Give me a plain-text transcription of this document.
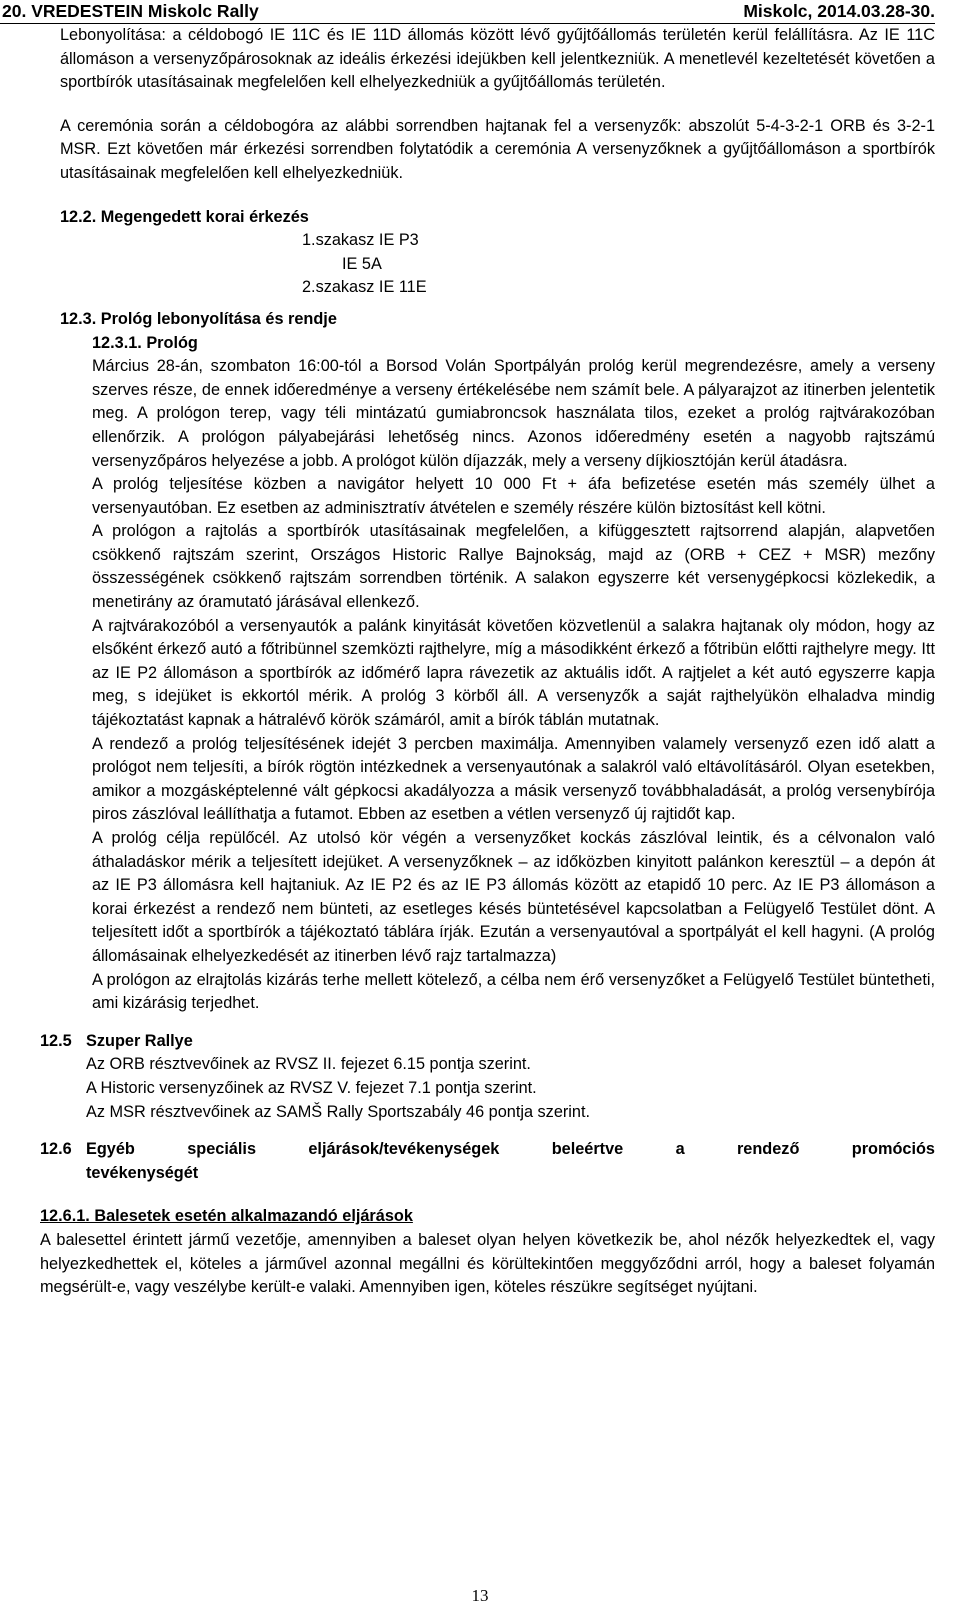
20. VREDESTEIN Miskolc Rally	Miskolc, 2014.03.28-30.

Lebonyolítása: a céldobogó IE 11C és IE 11D állomás között lévő gyűjtőállomás területén kerül felállításra. Az IE 11C állomáson a versenyzőpárosoknak az ideális érkezési idejükben kell jelentkezniük. A menetlevél kezeltetését követően a sportbírók utasításainak megfelelően kell elhelyezkedniük a gyűjtőállomás területén.

A ceremónia során a céldobogóra az alábbi sorrendben hajtanak fel a versenyzők: abszolút 5-4-3-2-1 ORB és 3-2-1 MSR. Ezt követően már érkezési sorrendben folytatódik a ceremónia A versenyzőknek a gyűjtőállomáson a sportbírók utasításainak megfelelően kell elhelyezkedniük.

12.2. Megengedett korai érkezés
1.szakasz IE P3
IE 5A
2.szakasz IE 11E
12.3. Prológ lebonyolítása és rendje
12.3.1. Prológ

Március 28-án, szombaton 16:00-tól a Borsod Volán Sportpályán prológ kerül megrendezésre, amely a verseny szerves része, de ennek időeredménye a verseny értékelésébe nem számít bele. A pályarajzot az itinerben jelentetik meg. A prológon terep, vagy téli mintázatú gumiabroncsok használata tilos, ezeket a prológ rajtvárakozóban ellenőrzik. A prológon pályabejárási lehetőség nincs. Azonos időeredmény esetén a nagyobb rajtszámú versenyzőpáros helyezése a jobb. A prológot külön díjazzák, mely a verseny díjkiosztóján kerül átadásra.

A prológ teljesítése közben a navigátor helyett 10 000 Ft + áfa befizetése esetén más személy ülhet a versenyautóban. Ez esetben az adminisztratív átvételen e személy részére külön biztosítást kell kötni.

A prológon a rajtolás a sportbírók utasításainak megfelelően, a kifüggesztett rajtsorrend alapján, alapvetően csökkenő rajtszám szerint, Országos Historic Rallye Bajnokság, majd az (ORB + CEZ + MSR) mezőny összességének csökkenő rajtszám sorrendben történik. A salakon egyszerre két versenygépkocsi közlekedik, a menetirány az óramutató járásával ellenkező.

A rajtvárakozóból a versenyautók a palánk kinyitását követően közvetlenül a salakra hajtanak oly módon, hogy az elsőként érkező autó a főtribünnel szemközti rajthelyre, míg a másodikként érkező a főtribün előtti rajthelyre megy. Itt az IE P2 állomáson a sportbírók az időmérő lapra rávezetik az aktuális időt. A rajtjelet a két autó egyszerre kapja meg, s idejüket is ekkortól mérik. A prológ 3 körből áll. A versenyzők a saját rajthelyükön elhaladva mindig tájékoztatást kapnak a hátralévő körök számáról, amit a bírók táblán mutatnak.

A rendező a prológ teljesítésének idejét 3 percben maximálja. Amennyiben valamely versenyző ezen idő alatt a prológot nem teljesíti, a bírók rögtön intézkednek a versenyautónak a salakról való eltávolításáról. Olyan esetekben, amikor a mozgásképtelenné vált gépkocsi akadályozza a másik versenyző továbbhaladását, a prológ versenybírója piros zászlóval leállíthatja a futamot. Ebben az esetben a vétlen versenyző új rajtidőt kap.

A prológ célja repülőcél. Az utolsó kör végén a versenyzőket kockás zászlóval leintik, és a célvonalon való áthaladáskor mérik a teljesített idejüket. A versenyzőknek – az időközben kinyitott palánkon keresztül – a depón át az IE P3 állomásra kell hajtaniuk. Az IE P2 és az IE P3 állomás között az etapidő 10 perc. Az IE P3 állomáson a korai érkezést a rendező nem bünteti, az esetleges késés büntetésével kapcsolatban a Felügyelő Testület dönt. A teljesített időt a sportbírók a tájékoztató táblára írják. Ezután a versenyautóval a sportpályát el kell hagyni. (A prológ állomásainak elhelyezkedését az itinerben lévő rajz tartalmazza)

A prológon az elrajtolás kizárás terhe mellett kötelező, a célba nem érő versenyzőket a Felügyelő Testület büntetheti, ami kizárásig terjedhet.

12.5 Szuper Rallye
Az ORB résztvevőinek az RVSZ II. fejezet 6.15 pontja szerint.
A Historic versenyzőinek az RVSZ V. fejezet 7.1 pontja szerint.
Az MSR résztvevőinek az SAMŠ Rally Sportszabály 46 pontja szerint.
12.6 Egyéb	speciális	eljárások/tevékenységek	beleértve	a	rendező	promóciós
tevékenységét
12.6.1. Balesetek esetén alkalmazandó eljárások

A balesettel érintett jármű vezetője, amennyiben a baleset olyan helyen következik be, ahol nézők helyezkedtek el, vagy helyezkedhettek el, köteles a járművel azonnal megállni és körültekintően meggyőződni arról, hogy a baleset folyamán megsérült-e, vagy veszélybe került-e valaki. Amennyiben igen, köteles részükre segítséget nyújtani.

13
